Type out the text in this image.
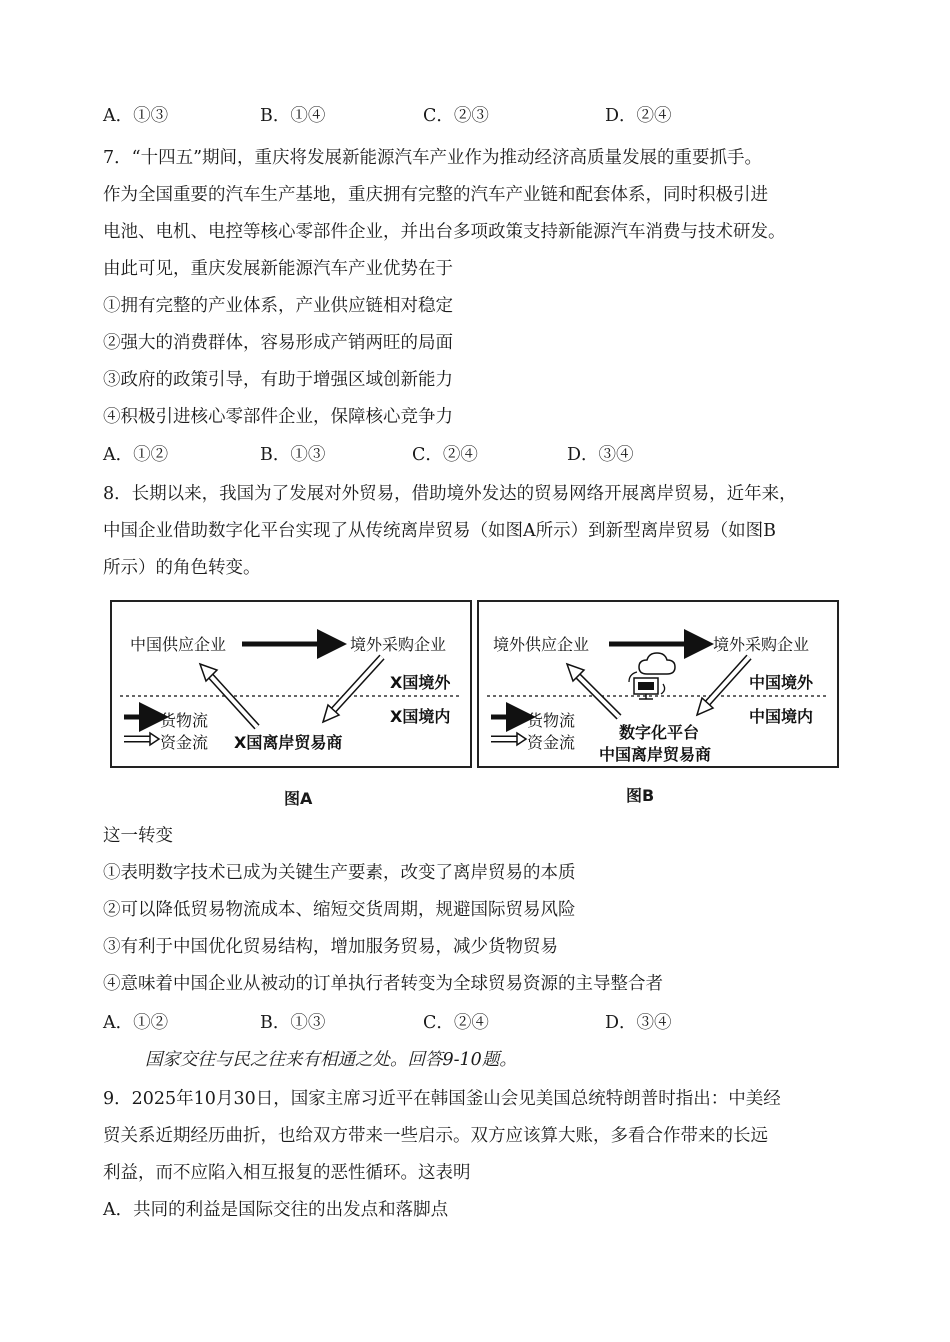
A．①③	B．①④	C．②③	D．②④
7．“十四五”期间，重庆将发展新能源汽车产业作为推动经济高质量发展的重要抓手。
作为全国重要的汽车生产基地，重庆拥有完整的汽车产业链和配套体系，同时积极引进
电池、电机、电控等核心零部件企业，并出台多项政策支持新能源汽车消费与技术研发。
由此可见，重庆发展新能源汽车产业优势在于
①拥有完整的产业体系，产业供应链相对稳定
②强大的消费群体，容易形成产销两旺的局面
③政府的政策引导，有助于增强区域创新能力
④积极引进核心零部件企业，保障核心竞争力
A．①②	B．①③	C．②④	D．③④
8．长期以来，我国为了发展对外贸易，借助境外发达的贸易网络开展离岸贸易，近年来，
中国企业借助数字化平台实现了从传统离岸贸易（如图A所示）到新型离岸贸易（如图B
所示）的角色转变。
中国供应企业	境外采购企业
X国境外
X国境内
货物流
资金流 X国离岸贸易商
图A
境外供应企业	境外采购企业
中国境外
中国境内
货物流
资金流
数字化平台
中国离岸贸易商
图B
这一转变
①表明数字技术已成为关键生产要素，改变了离岸贸易的本质
②可以降低贸易物流成本、缩短交货周期，规避国际贸易风险
③有利于中国优化贸易结构，增加服务贸易，减少货物贸易
④意味着中国企业从被动的订单执行者转变为全球贸易资源的主导整合者
A．①②	B．①③	C．②④	D．③④
国家交往与民之往来有相通之处。回答9-10题。
9．2025年10月30日，国家主席习近平在韩国釜山会见美国总统特朗普时指出：中美经
贸关系近期经历曲折，也给双方带来一些启示。双方应该算大账，多看合作带来的长远
利益，而不应陷入相互报复的恶性循环。这表明
A．共同的利益是国际交往的出发点和落脚点
